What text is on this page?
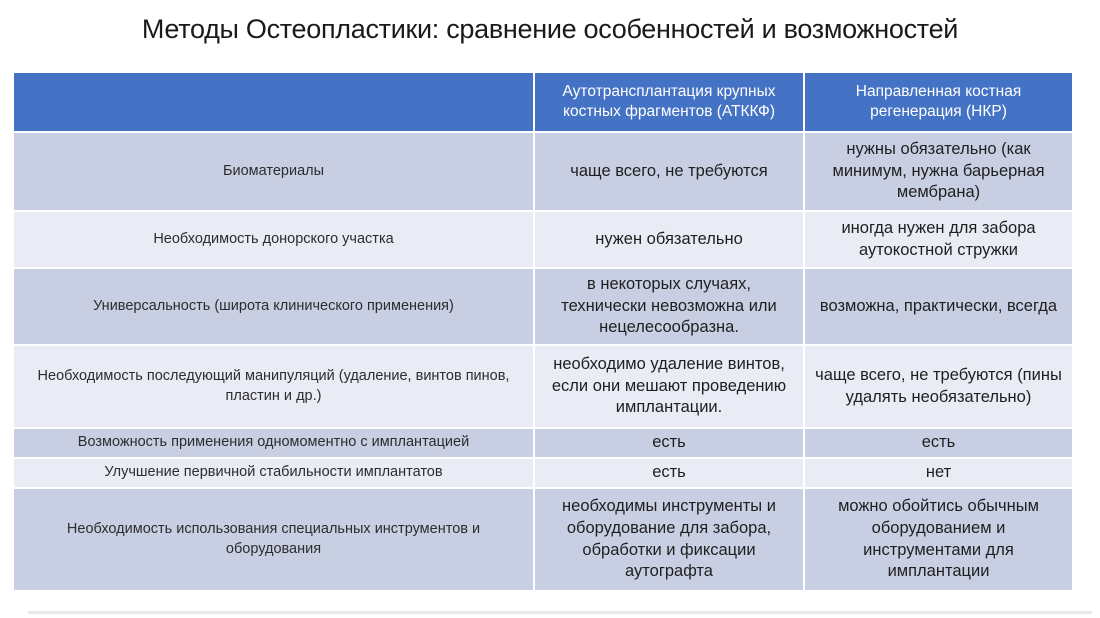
Методы Остеопластики: сравнение особенностей и возможностей
	Аутотрансплантация крупных костных фрагментов (АТККФ)	Направленная костная регенерация (НКР)
Биоматериалы	чаще всего, не требуются	нужны обязательно (как минимум, нужна барьерная мембрана)
Необходимость донорского участка	нужен обязательно	иногда нужен для забора аутокостной стружки
Универсальность (широта клинического применения)	в некоторых случаях, технически невозможна или нецелесообразна.	возможна, практически, всегда
Необходимость последующий манипуляций (удаление, винтов пинов, пластин и др.)	необходимо удаление винтов, если они мешают проведению имплантации.	чаще всего, не требуются (пины удалять необязательно)
Возможность применения одномоментно с имплантацией	есть	есть
Улучшение первичной стабильности имплантатов	есть	нет
Необходимость использования специальных инструментов и оборудования	необходимы инструменты и оборудование для забора, обработки и фиксации аутографта	можно обойтись обычным оборудованием и инструментами для имплантации
